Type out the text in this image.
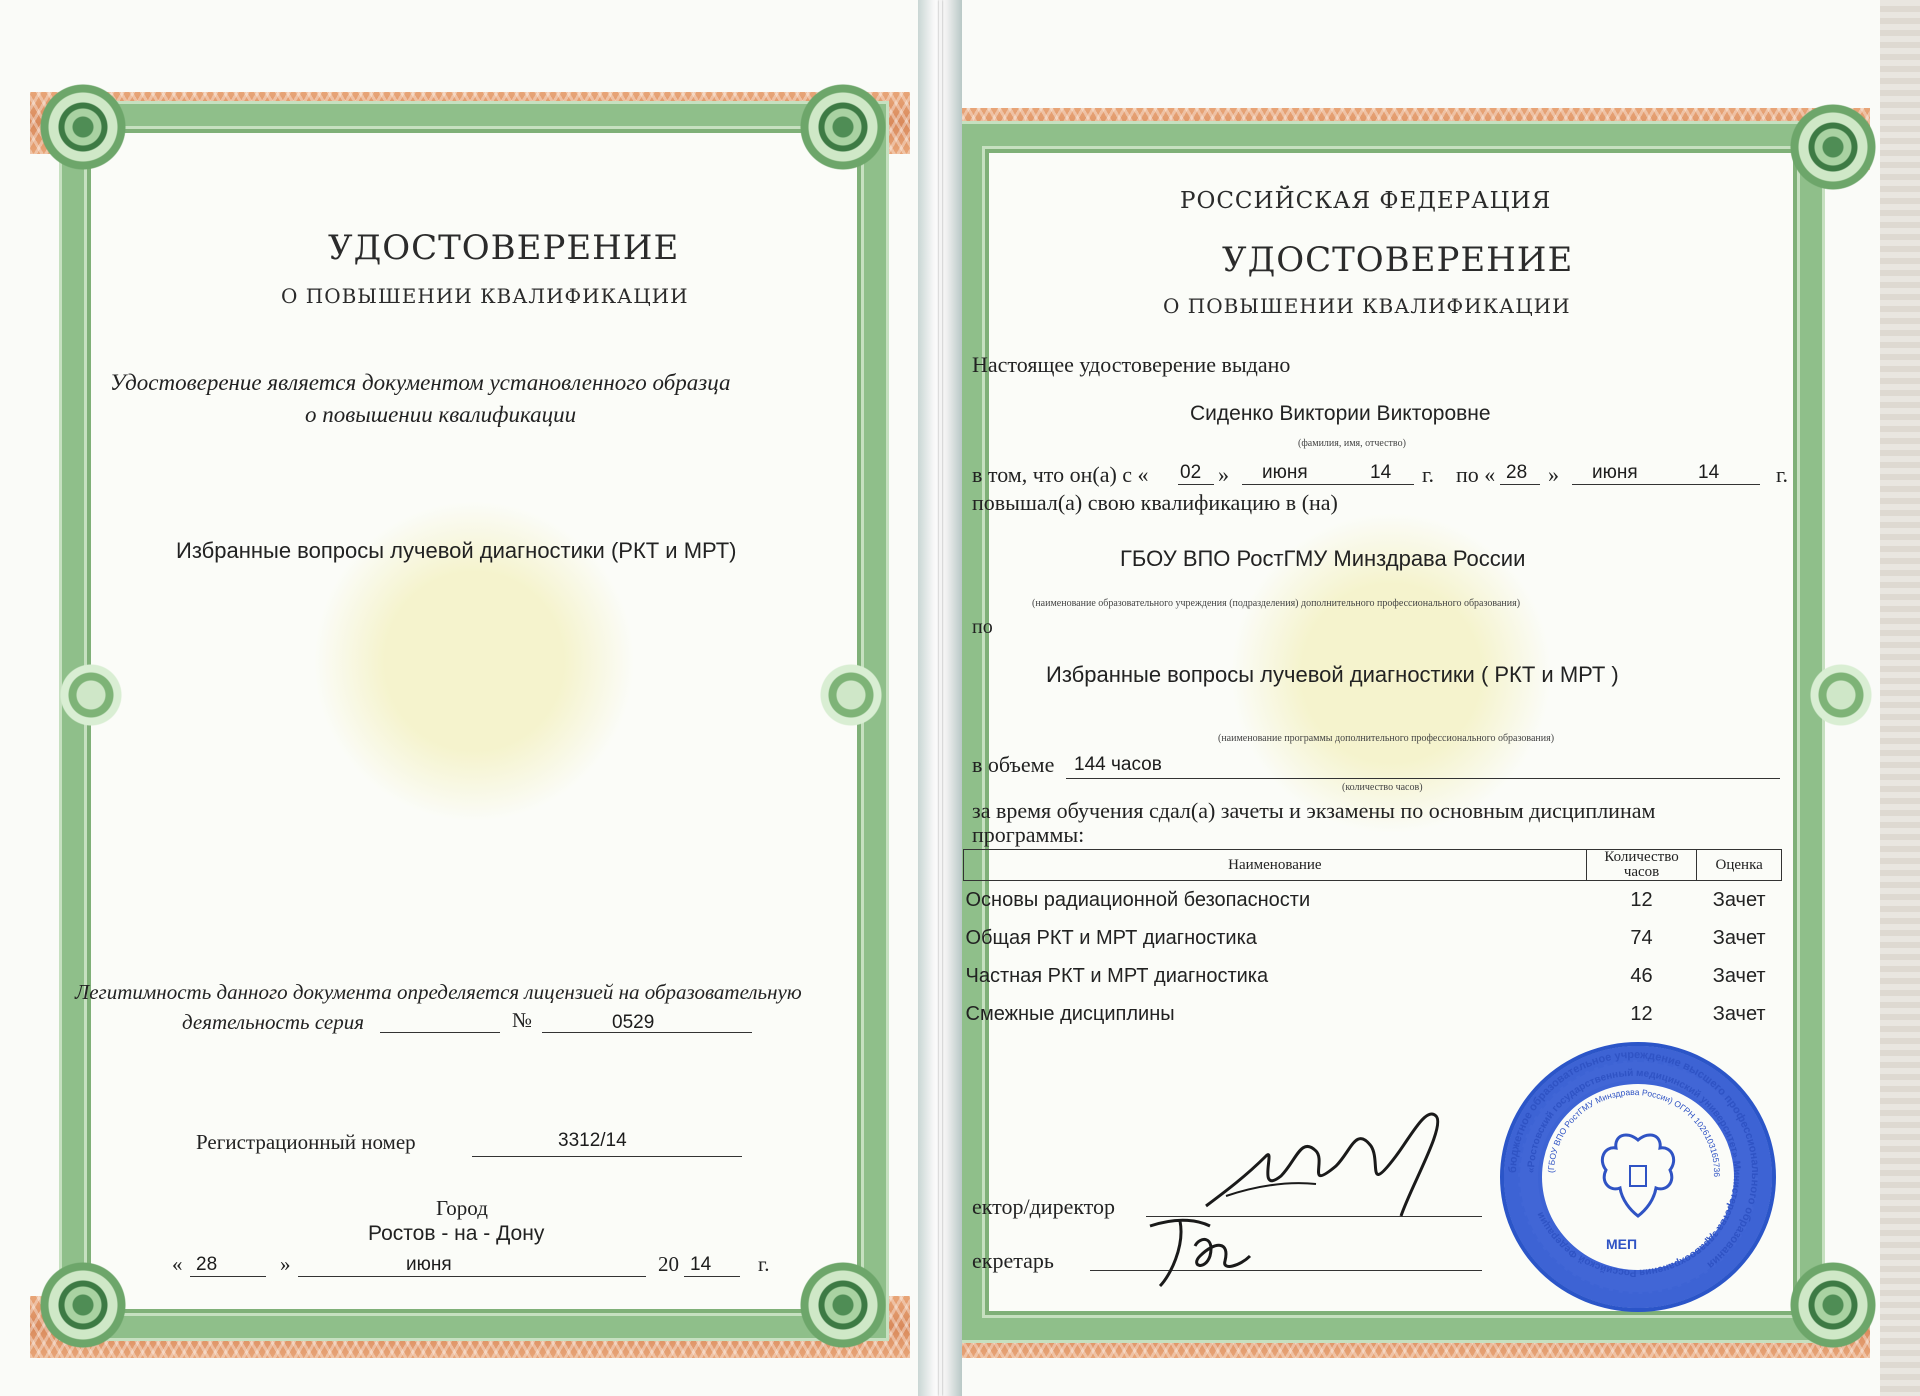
УДОСТОВЕРЕНИЕ
О ПОВЫШЕНИИ КВАЛИФИКАЦИИ
Удостоверение является документом установленного образца
о повышении квалификации
Избранные вопросы лучевой диагностики (РКТ и МРТ)
Легитимность данного документа определяется лицензией на образовательную
деятельность серия	№	0529
Регистрационный номер	3312/14
Город
Ростов - на - Дону
« 28	»	июня	20 14 г.
РОССИЙСКАЯ ФЕДЕРАЦИЯ
УДОСТОВЕРЕНИЕ
О ПОВЫШЕНИИ КВАЛИФИКАЦИИ
Настоящее удостоверение выдано
Сиденко Виктории Викторовне
(фамилия, имя, отчество)
в том, что он(а) с « 02 » июня	14 г. по « 28 » июня	14	г.
повышал(а) свою квалификацию в (на)
ГБОУ ВПО РостГМУ Минздрава России
(наименование образовательного учреждения (подразделения) дополнительного профессионального образования)
по
Избранные вопросы лучевой диагностики ( РКТ и МРТ )
(наименование программы дополнительного профессионального образования)
в объеме 144 часов
(количество часов)
за время обучения сдал(а) зачеты и экзамены по основным дисциплинам
программы:
Наименование	Количество часов	Оценка
Основы радиационной безопасности	12	Зачет
Общая РКТ и МРТ диагностика	74	Зачет
Частная РКТ и МРТ диагностика	46	Зачет
Смежные дисциплины	12	Зачет
ектор/директор
екретарь
МЕП
бюджетное образовательное учреждение высшего профессионального образования
«Ростовский государственный медицинский университет» Министерства здравоохранения Российской Федерации
(ГБОУ ВПО РостГМУ Минздрава России) ОГРН 1026103165736
